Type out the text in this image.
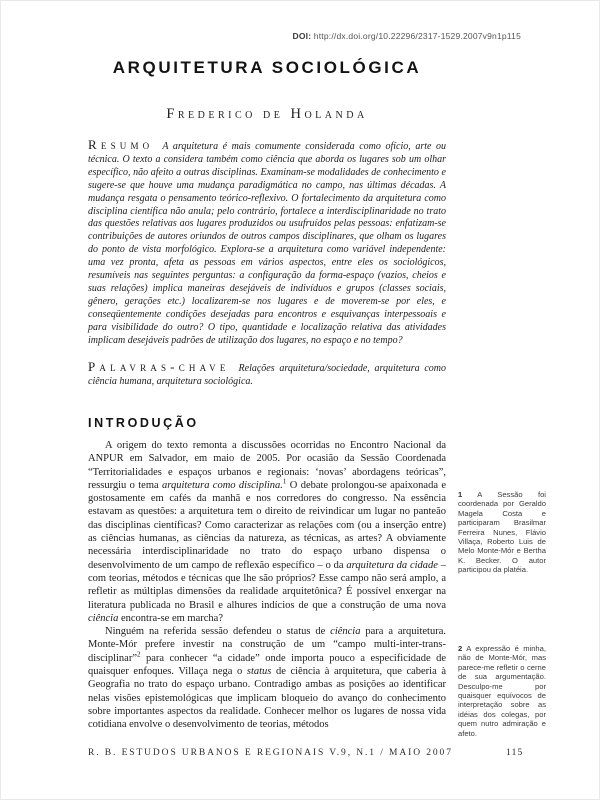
DOI: http://dx.doi.org/10.22296/2317-1529.2007v9n1p115
ARQUITETURA SOCIOLÓGICA
Frederico de Holanda

Resumo A arquitetura é mais comumente considerada como ofício, arte ou técnica. O texto a considera também como ciência que aborda os lugares sob um olhar específico, não afeito a outras disciplinas. Examinam-se modalidades de conhecimento e sugere-se que houve uma mudança paradigmática no campo, nas últimas décadas. A mudança resgata o pensamento teórico-reflexivo. O fortalecimento da arquitetura como disciplina científica não anula; pelo contrário, fortalece a interdisciplinaridade no trato das questões relativas aos lugares produzidos ou usufruídos pelas pessoas: enfatizam-se contribuições de autores oriundos de outros campos disciplinares, que olham os lugares do ponto de vista morfológico. Explora-se a arquitetura como variável independente: uma vez pronta, afeta as pessoas em vários aspectos, entre eles os sociológicos, resumíveis nas seguintes perguntas: a configuração da forma-espaço (vazios, cheios e suas relações) implica maneiras desejáveis de indivíduos e grupos (classes sociais, gênero, gerações etc.) localizarem-se nos lugares e de moverem-se por eles, e conseqüentemente condições desejadas para encontros e esquivanças interpessoais e para visibilidade do outro? O tipo, quantidade e localização relativa das atividades implicam desejáveis padrões de utilização dos lugares, no espaço e no tempo?

Palavras-chave Relações arquitetura/sociedade, arquitetura como ciência humana, arquitetura sociológica.

INTRODUÇÃO

A origem do texto remonta a discussões ocorridas no Encontro Nacional da ANPUR em Salvador, em maio de 2005. Por ocasião da Sessão Coordenada “Territorialidades e espaços urbanos e regionais: ‘novas’ abordagens teóricas”, ressurgiu o tema arquitetura como disciplina.$^1$ O debate prolongou-se apaixonada e gostosamente em cafés da manhã e nos corredores do congresso. Na essência estavam as questões: a arquitetura tem o direito de reivindicar um lugar no panteão das disciplinas científicas? Como caracterizar as relações com (ou a inserção entre) as ciências humanas, as ciências da natureza, as técnicas, as artes? A obviamente necessária interdisciplinaridade no trato do espaço urbano dispensa o desenvolvimento de um campo de reflexão específico – o da arquitetura da cidade – com teorias, métodos e técnicas que lhe são próprios? Esse campo não será amplo, a refletir as múltiplas dimensões da realidade arquitetônica? É possível enxergar na literatura publicada no Brasil e alhures indícios de que a construção de uma nova ciência encontra-se em marcha?

Ninguém na referida sessão defendeu o status de ciência para a arquitetura. Monte-Mór prefere investir na construção de um “campo multi-inter-trans-disciplinar”$^2$ para conhecer “a cidade” onde importa pouco a especificidade de quaisquer enfoques. Villaça nega o status de ciência à arquitetura, que caberia à Geografia no trato do espaço urbano. Contradigo ambas as posições ao identificar nelas visões epistemológicas que implicam bloqueio do avanço do conhecimento sobre importantes aspectos da realidade. Conhecer melhor os lugares de nossa vida cotidiana envolve o desenvolvimento de teorias, métodos

1 A Sessão foi coordenada por Geraldo Magela Costa e participaram Brasilmar Ferreira Nunes, Flávio Villaça, Roberto Luis de Melo Monte-Mór e Bertha K. Becker. O autor participou da platéia.

2 A expressão é minha, não de Monte-Mór, mas parece-me refletir o cerne de sua argumentação. Desculpo-me por quaisquer equívocos de interpretação sobre as idéias dos colegas, por quem nutro admiração e afeto.

R. B. ESTUDOS URBANOS E REGIONAIS V.9, N.1 / MAIO 2007	115
